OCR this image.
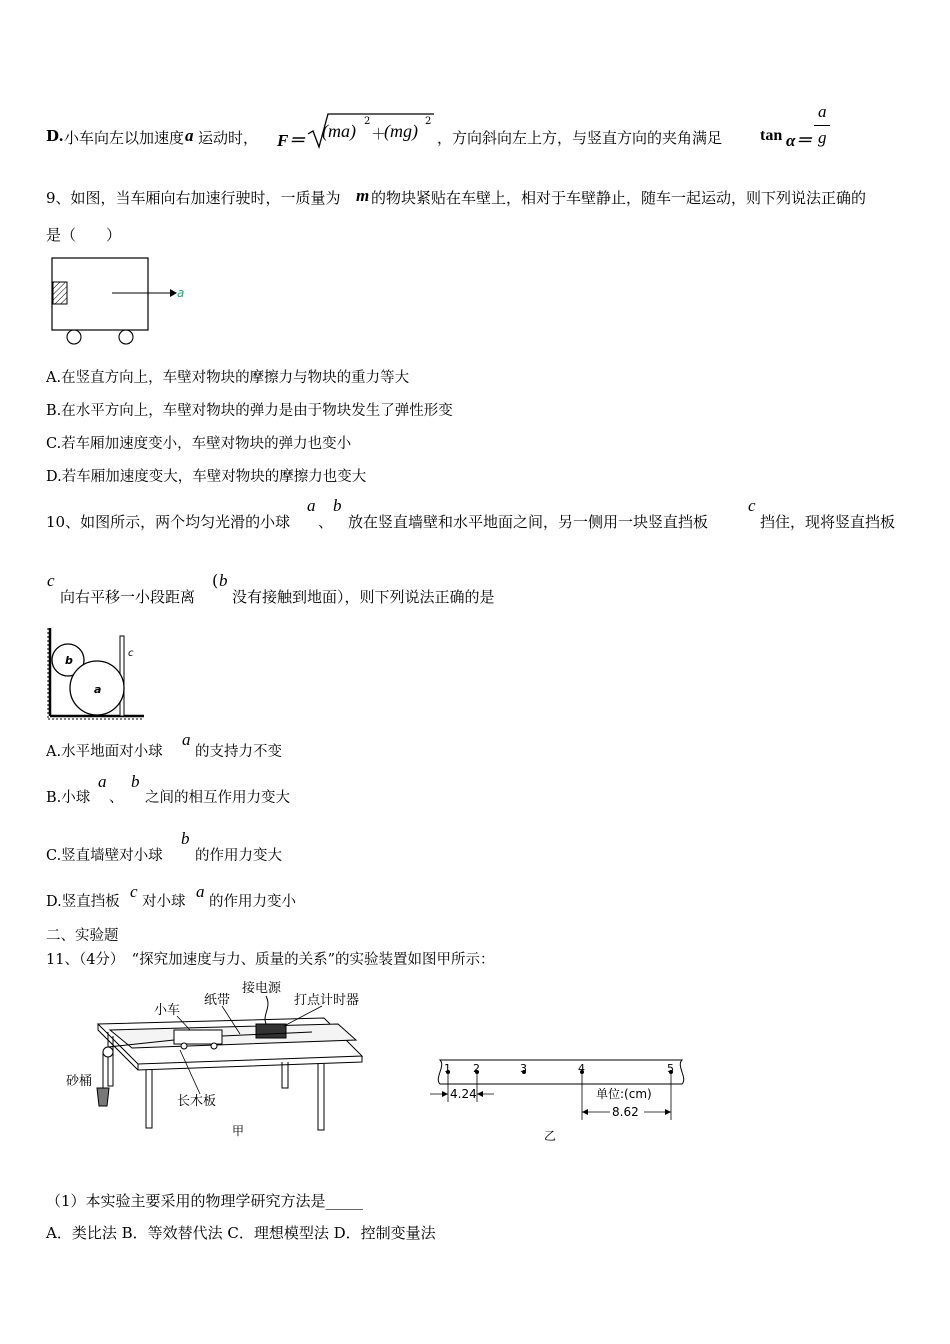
D. 小车向左以加速度 a 运动时， F＝ (ma) 2
＋
(mg) 2
，方向斜向左上方，与竖直方向的夹角满足 tan α＝
a
g
9、如图，当车厢向右加速行驶时，一质量为 m 的物块紧贴在车壁上，相对于车壁静止，随车一起运动，则下列说法正确的
是（　　）
a
A.在竖直方向上，车壁对物块的摩擦力与物块的重力等大
B.在水平方向上，车壁对物块的弹力是由于物块发生了弹性形变
C.若车厢加速度变小，车壁对物块的弹力也变小
D.若车厢加速度变大，车壁对物块的摩擦力也变大
10、如图所示，两个均匀光滑的小球
a
、
b
放在竖直墙壁和水平地面之间，另一侧用一块竖直挡板
c
挡住，现将竖直挡板
c
向右平移一小段距离
( b
没有接触到地面），则下列说法正确的是
b
a
c
A.水平地面对小球
a
的支持力不变
B.小球
a
、
b
之间的相互作用力变大
C.竖直墙壁对小球
b
的作用力变大
D.竖直挡板
c
对小球
a
的作用力变小
二、实验题
11、（4分）　“探究加速度与力、质量的关系”的实验装置如图甲所示：
接电源
纸带	打点计时器
小车
砂桶
长木板
甲
1 2	3	4	5
4.24	单位:(cm)
8.62
乙
（1）本实验主要采用的物理学研究方法是_____
A．类比法 B．等效替代法 C．理想模型法 D．控制变量法
